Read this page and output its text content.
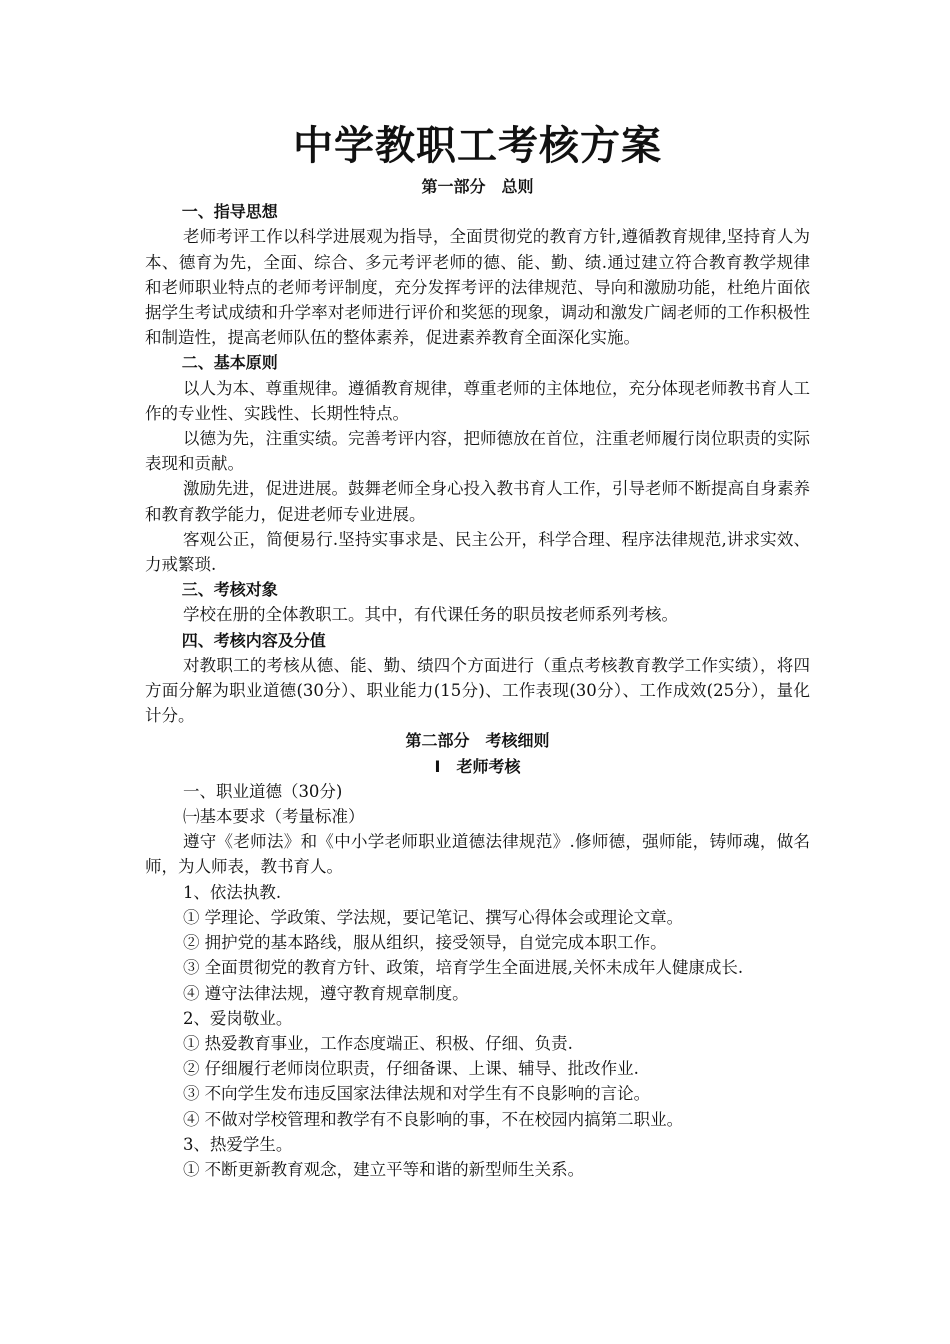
中学教职工考核方案

第一部分　总则

一、指导思想

老师考评工作以科学进展观为指导，全面贯彻党的教育方针,遵循教育规律,坚持育人为本、德育为先，全面、综合、多元考评老师的德、能、勤、绩.通过建立符合教育教学规律和老师职业特点的老师考评制度，充分发挥考评的法律规范、导向和激励功能，杜绝片面依据学生考试成绩和升学率对老师进行评价和奖惩的现象，调动和激发广阔老师的工作积极性和制造性，提高老师队伍的整体素养，促进素养教育全面深化实施。

二、基本原则

以人为本、尊重规律。遵循教育规律，尊重老师的主体地位，充分体现老师教书育人工作的专业性、实践性、长期性特点。

以德为先，注重实绩。完善考评内容，把师德放在首位，注重老师履行岗位职责的实际表现和贡献。

激励先进，促进进展。鼓舞老师全身心投入教书育人工作，引导老师不断提高自身素养和教育教学能力，促进老师专业进展。

客观公正，简便易行.坚持实事求是、民主公开，科学合理、程序法律规范,讲求实效、力戒繁琐.

三、考核对象

学校在册的全体教职工。其中，有代课任务的职员按老师系列考核。

四、考核内容及分值

对教职工的考核从德、能、勤、绩四个方面进行（重点考核教育教学工作实绩），将四方面分解为职业道德(30分）、职业能力(15分)、工作表现(30分）、工作成效(25分），量化计分。

第二部分　考核细则

Ⅰ　老师考核

一、职业道德（30分)

㈠基本要求（考量标准）

遵守《老师法》和《中小学老师职业道德法律规范》.修师德，强师能，铸师魂，做名师，为人师表，教书育人。

1、依法执教.

① 学理论、学政策、学法规，要记笔记、撰写心得体会或理论文章。

② 拥护党的基本路线，服从组织，接受领导，自觉完成本职工作。

③ 全面贯彻党的教育方针、政策，培育学生全面进展,关怀未成年人健康成长.

④ 遵守法律法规，遵守教育规章制度。

2、爱岗敬业。

① 热爱教育事业，工作态度端正、积极、仔细、负责.

② 仔细履行老师岗位职责，仔细备课、上课、辅导、批改作业.

③ 不向学生发布违反国家法律法规和对学生有不良影响的言论。

④ 不做对学校管理和教学有不良影响的事，不在校园内搞第二职业。

3、热爱学生。

① 不断更新教育观念，建立平等和谐的新型师生关系。
